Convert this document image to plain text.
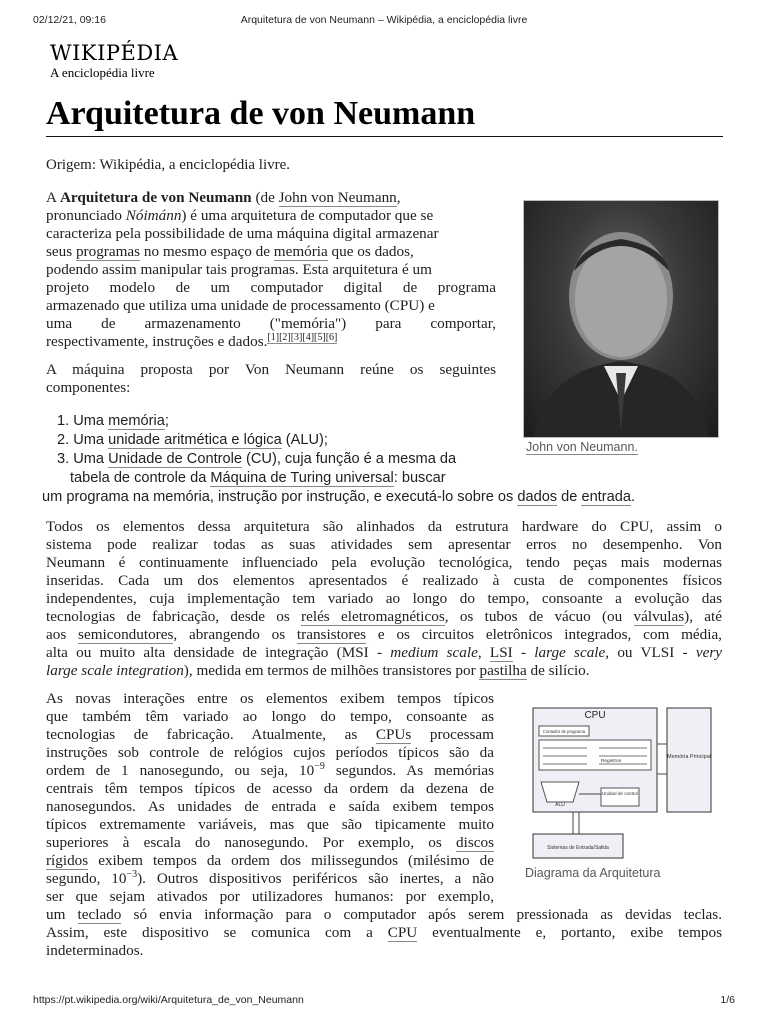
02/12/21, 09:16	Arquitetura de von Neumann – Wikipédia, a enciclopédia livre
WIKIPÉDIA
A enciclopédia livre
Arquitetura de von Neumann
Origem: Wikipédia, a enciclopédia livre.
A Arquitetura de von Neumann (de John von Neumann,
pronunciado Nóimánn) é uma arquitetura de computador que se
caracteriza pela possibilidade de uma máquina digital armazenar
seus programas no mesmo espaço de memória que os dados,
podendo assim manipular tais programas. Esta arquitetura é um
projeto modelo de um computador digital de programa
armazenado que utiliza uma unidade de processamento (CPU) e
uma de armazenamento ("memória") para comportar,
respectivamente, instruções e dados.[1][2][3][4][5][6]
John von Neumann.
A máquina proposta por Von Neumann reúne os seguintes
componentes:
1. Uma memória;
2. Uma unidade aritmética e lógica (ALU);
3. Uma Unidade de Controle (CU), cuja função é a mesma da
tabela de controle da Máquina de Turing universal: buscar
um programa na memória, instrução por instrução, e executá-lo sobre os dados de entrada.
Todos os elementos dessa arquitetura são alinhados da estrutura hardware do CPU, assim o
sistema pode realizar todas as suas atividades sem apresentar erros no desempenho. Von
Neumann é continuamente influenciado pela evolução tecnológica, tendo peças mais modernas
inseridas. Cada um dos elementos apresentados é realizado à custa de componentes físicos
independentes, cuja implementação tem variado ao longo do tempo, consoante a evolução das
tecnologias de fabricação, desde os relés eletromagnéticos, os tubos de vácuo (ou válvulas), até
aos semicondutores, abrangendo os transistores e os circuitos eletrônicos integrados, com média,
alta ou muito alta densidade de integração (MSI - medium scale, LSI - large scale, ou VLSI - very
large scale integration), medida em termos de milhões transistores por pastilha de silício.
CPU
Contador de programa
Registros
ALU
Unidad de control
Memória Principal
Sistemas de Entrada/Salida
Diagrama da Arquitetura
As novas interações entre os elementos exibem tempos típicos
que também têm variado ao longo do tempo, consoante as
tecnologias de fabricação. Atualmente, as CPUs processam
instruções sob controle de relógios cujos períodos típicos são da
ordem de 1 nanosegundo, ou seja, $10^{-9}$ segundos. As memórias
centrais têm tempos típicos de acesso da ordem da dezena de
nanosegundos. As unidades de entrada e saída exibem tempos
típicos extremamente variáveis, mas que são tipicamente muito
superiores à escala do nanosegundo. Por exemplo, os discos
rígidos exibem tempos da ordem dos milissegundos (milésimo de
segundo, $10^{-3}$). Outros dispositivos periféricos são inertes, a não
ser que sejam ativados por utilizadores humanos: por exemplo,
um teclado só envia informação para o computador após serem pressionada as devidas teclas.
Assim, este dispositivo se comunica com a CPU eventualmente e, portanto, exibe tempos
indeterminados.
https://pt.wikipedia.org/wiki/Arquitetura_de_von_Neumann	1/6
